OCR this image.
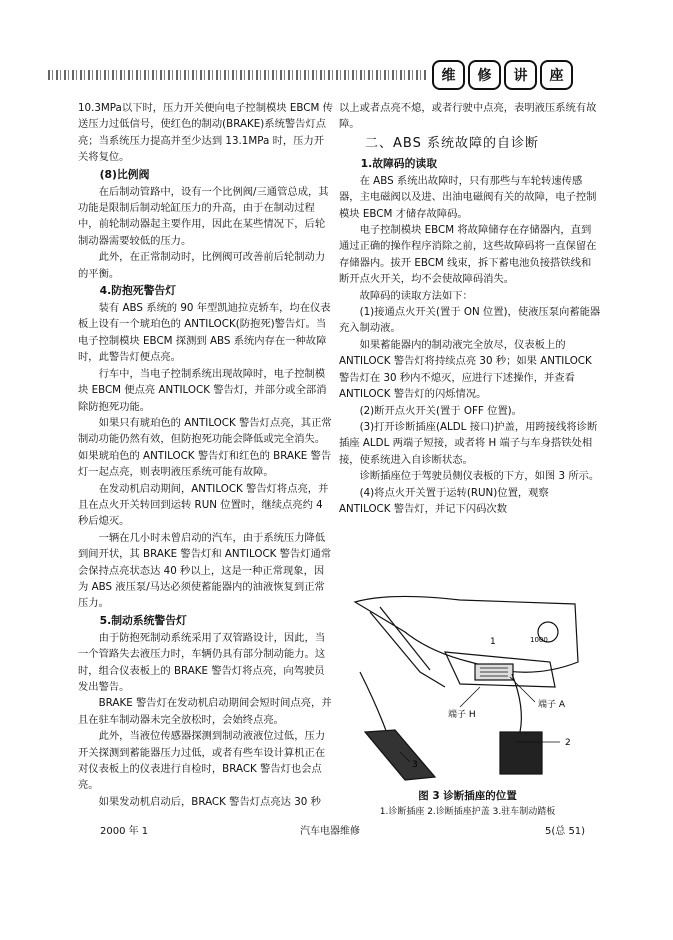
维	修	讲	座

10.3MPa以下时，压力开关便向电子控制模块 EBCM 传送压力过低信号，使红色的制动(BRAKE)系统警告灯点亮；当系统压力提高并至少达到 13.1MPa 时，压力开关将复位。

(8)比例阀

在后制动管路中，设有一个比例阀/三通管总成，其功能是限制后制动轮缸压力的升高，由于在制动过程中，前轮制动器起主要作用，因此在某些情况下，后轮制动器需要较低的压力。

此外，在正常制动时，比例阀可改善前后轮制动力的平衡。

4.防抱死警告灯

装有 ABS 系统的 90 年型凯迪拉克轿车，均在仪表板上设有一个琥珀色的 ANTILOCK(防抱死)警告灯。当电子控制模块 EBCM 探测到 ABS 系统内存在一种故障时，此警告灯便点亮。

行车中，当电子控制系统出现故障时，电子控制模块 EBCM 便点亮 ANTILOCK 警告灯，并部分或全部消除防抱死功能。

如果只有琥珀色的 ANTILOCK 警告灯点亮，其正常制动功能仍然有效，但防抱死功能会降低或完全消失。如果琥珀色的 ANTILOCK 警告灯和红色的 BRAKE 警告灯一起点亮，则表明液压系统可能有故障。

在发动机启动期间，ANTILOCK 警告灯将点亮，并且在点火开关转回到运转 RUN 位置时，继续点亮约 4 秒后熄灭。

一辆在几小时未曾启动的汽车，由于系统压力降低到间开状，其 BRAKE 警告灯和 ANTILOCK 警告灯通常会保持点亮状态达 40 秒以上，这是一种正常现象，因为 ABS 液压泵/马达必须使蓄能器内的油液恢复到正常压力。

5.制动系统警告灯

由于防抱死制动系统采用了双管路设计，因此，当一个管路失去液压力时，车辆仍具有部分制动能力。这时，组合仪表板上的 BRAKE 警告灯将点亮，向驾驶员发出警告。

BRAKE 警告灯在发动机启动期间会短时间点亮，并且在驻车制动器未完全放松时，会始终点亮。

此外，当液位传感器探测到制动液液位过低，压力开关探测到蓄能器压力过低，或者有些车设计算机正在对仪表板上的仪表进行自检时，BRACK 警告灯也会点亮。

如果发动机启动后，BRACK 警告灯点亮达 30 秒

以上或者点亮不熄，或者行驶中点亮，表明液压系统有故障。

二、ABS 系统故障的自诊断
1.故障码的读取

在 ABS 系统出故障时，只有那些与车轮转速传感器，主电磁阀以及进、出油电磁阀有关的故障，电子控制模块 EBCM 才储存故障码。

电子控制模块 EBCM 将故障储存在存储器内，直到通过正确的操作程序消除之前，这些故障码将一直保留在存储器内。拔开 EBCM 线束，拆下蓄电池负接搭铁线和断开点火开关，均不会使故障码消失。

故障码的读取方法如下：

(1)接通点火开关(置于 ON 位置)，使液压泵向蓄能器充入制动液。

如果蓄能器内的制动液完全放尽，仪表板上的 ANTILOCK 警告灯将持续点亮 30 秒；如果 ANTILOCK 警告灯在 30 秒内不熄灭，应进行下述操作，并查看 ANTILOCK 警告灯的闪烁情况。

(2)断开点火开关(置于 OFF 位置)。

(3)打开诊断插座(ALDL 接口)护盖，用跨接线将诊断插座 ALDL 两端子短接，或者将 H 端子与车身搭铁处相接，使系统进入自诊断状态。

诊断插座位于驾驶员侧仪表板的下方，如图 3 所示。

(4)将点火开关置于运转(RUN)位置，观察 ANTILOCK 警告灯，并记下闪码次数

1
2
3
1000
端子 A
端子 H
图 3 诊断插座的位置
1.诊断插座 2.诊断插座护盖 3.驻车制动踏板
2000 年 1	汽车电器维修	5(总 51)
